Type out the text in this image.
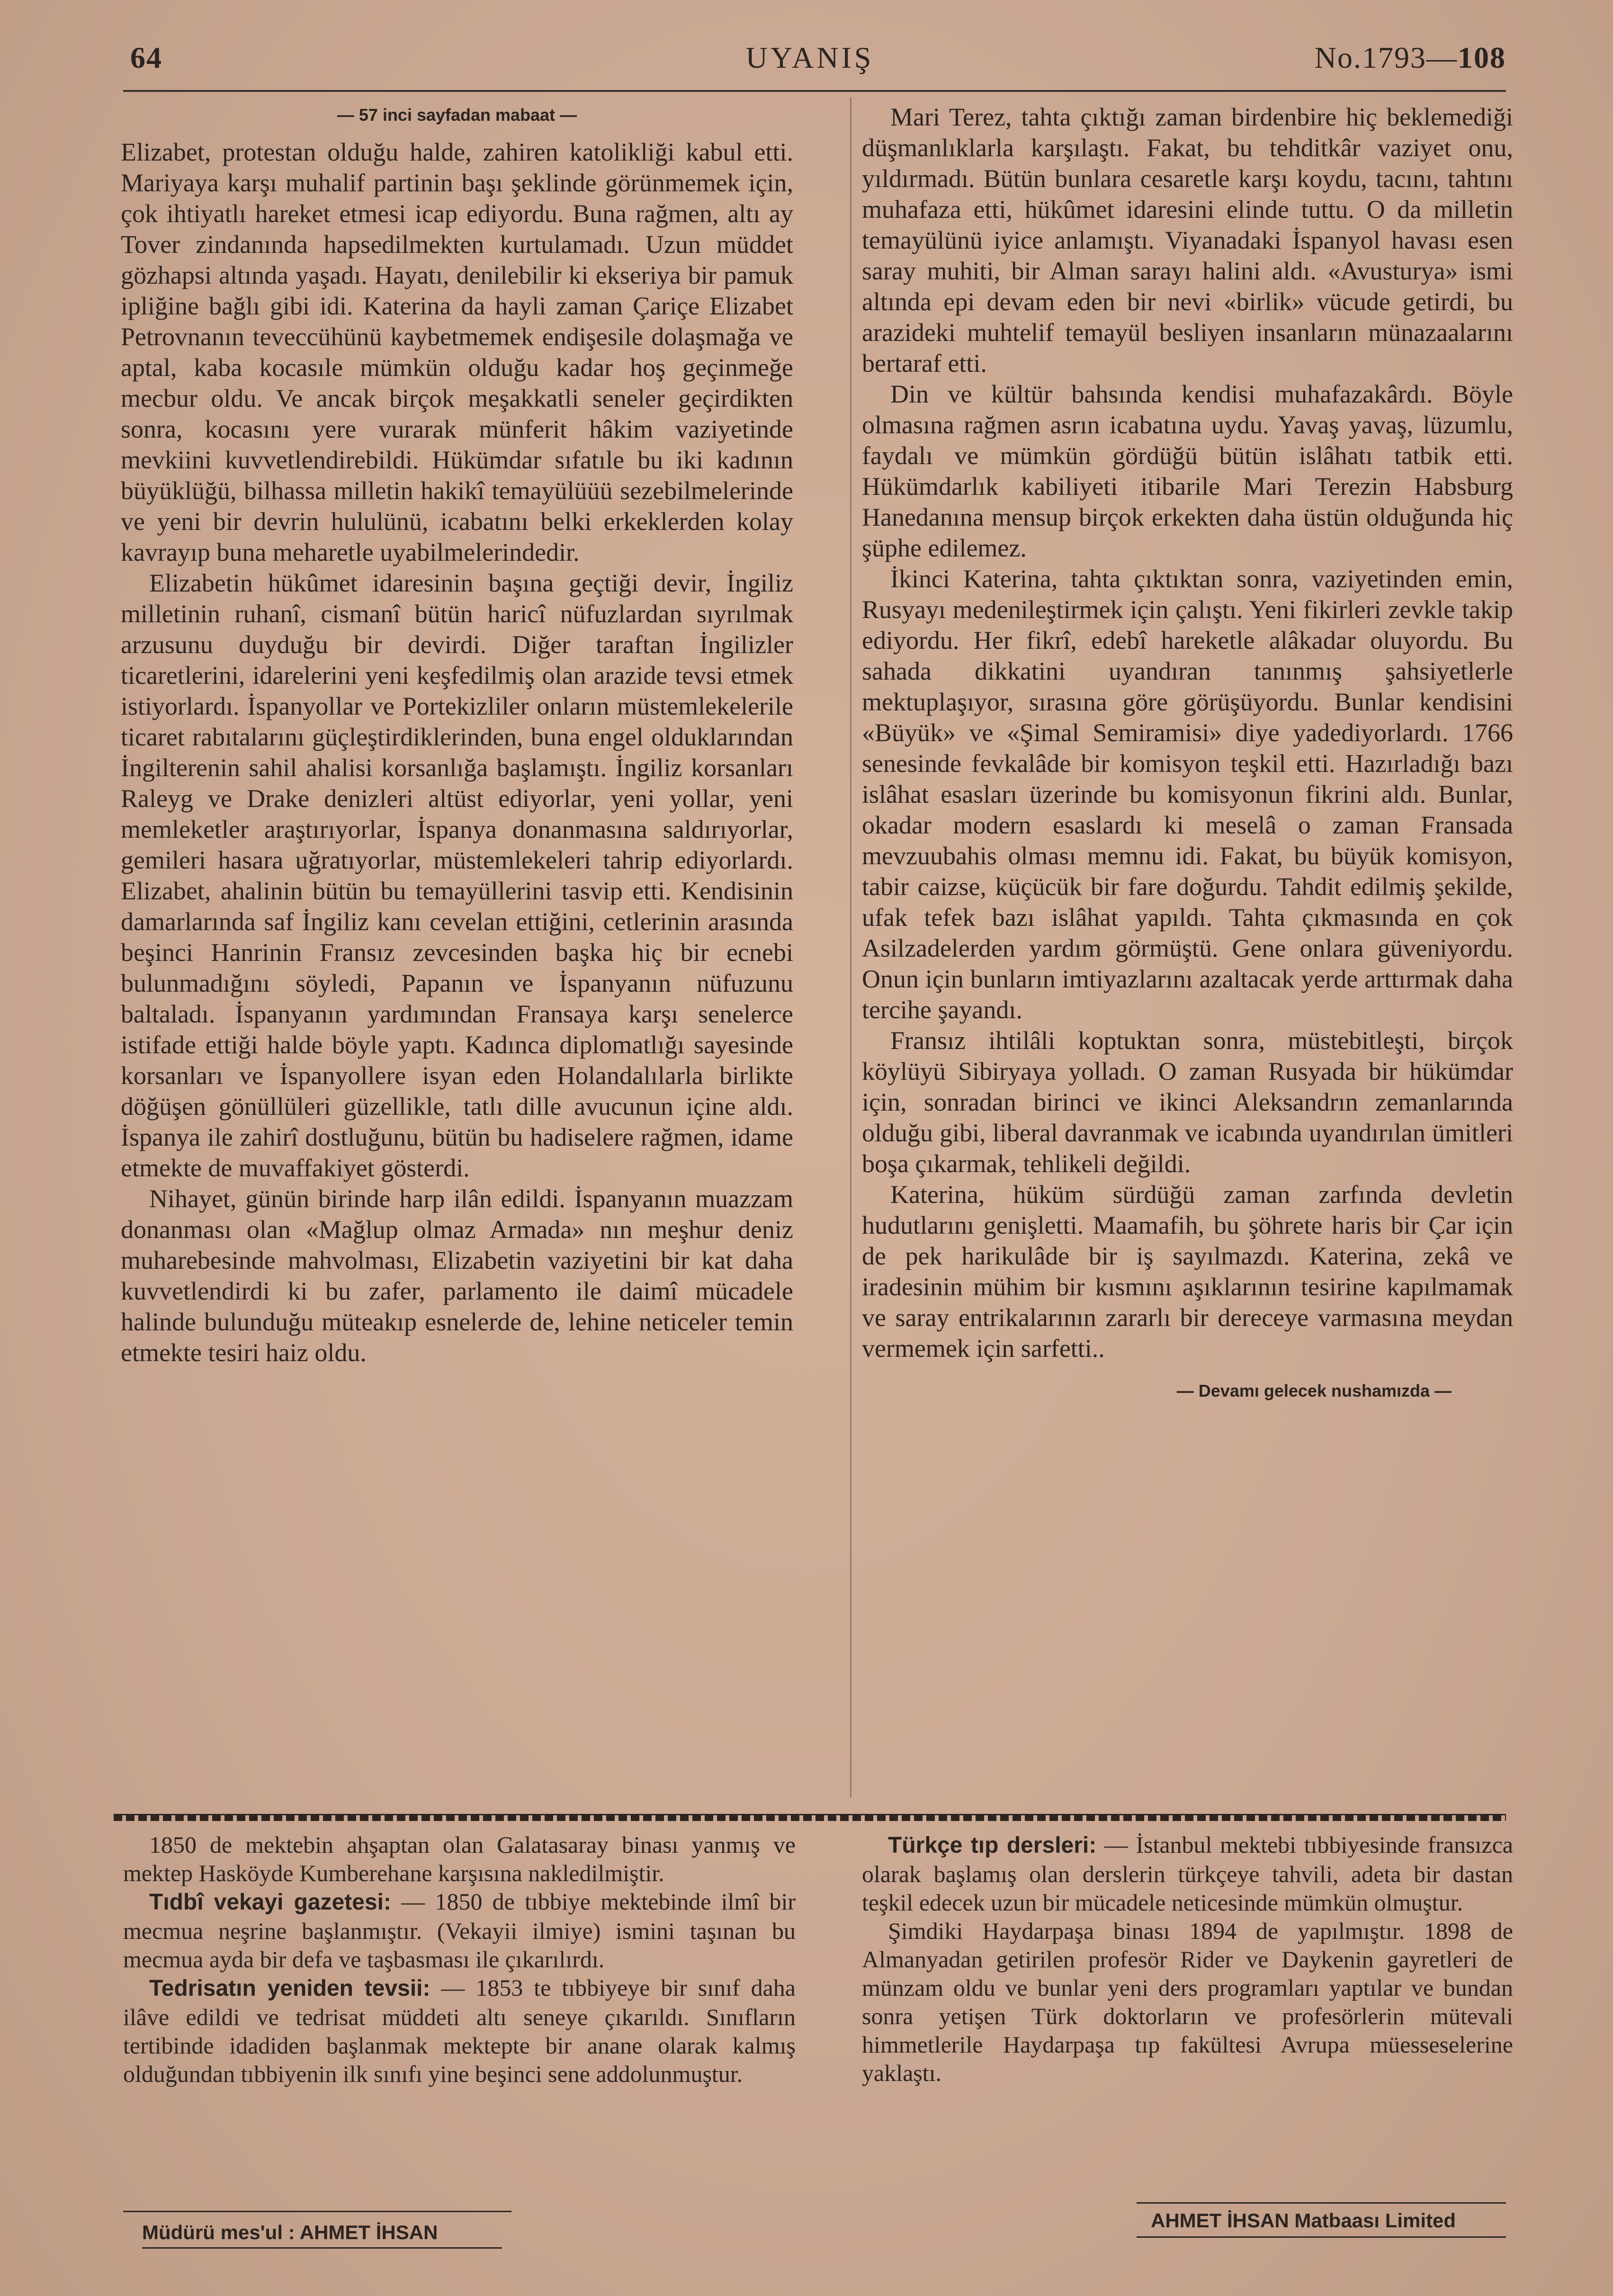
64	UYANIŞ	No.1793—108

— 57 inci sayfadan mabaat —

Elizabet, protestan olduğu halde, zahiren katolikliği kabul etti. Mariyaya karşı muhalif partinin başı şeklinde görünmemek için, çok ihtiyatlı hareket etmesi icap ediyordu. Buna rağmen, altı ay Tover zindanında hapsedilmekten kurtulamadı. Uzun müddet gözhapsi altında yaşadı. Hayatı, denilebilir ki ekseriya bir pamuk ipliğine bağlı gibi idi. Katerina da hayli zaman Çariçe Elizabet Petrovnanın teveccühünü kaybetmemek endişesile dolaşmağa ve aptal, kaba kocasıle mümkün olduğu kadar hoş geçinmeğe mecbur oldu. Ve ancak birçok meşakkatli seneler geçirdikten sonra, kocasını yere vurarak münferit hâkim vaziyetinde mevkiini kuvvetlendirebildi. Hükümdar sıfatıle bu iki kadının büyüklüğü, bilhassa milletin hakikî temayülüüü sezebilmelerinde ve yeni bir devrin hululünü, icabatını belki erkeklerden kolay kavrayıp buna meharetle uyabilmelerindedir.

Elizabetin hükûmet idaresinin başına geçtiği devir, İngiliz milletinin ruhanî, cismanî bütün haricî nüfuzlardan sıyrılmak arzusunu duyduğu bir devirdi. Diğer taraftan İngilizler ticaretlerini, idarelerini yeni keşfedilmiş olan arazide tevsi etmek istiyorlardı. İspanyollar ve Portekizliler onların müstemlekelerile ticaret rabıtalarını güçleştirdiklerinden, buna engel olduklarından İngilterenin sahil ahalisi korsanlığa başlamıştı. İngiliz korsanları Raleyg ve Drake denizleri altüst ediyorlar, yeni yollar, yeni memleketler araştırıyorlar, İspanya donanmasına saldırıyorlar, gemileri hasara uğratıyorlar, müstemlekeleri tahrip ediyorlardı. Elizabet, ahalinin bütün bu temayüllerini tasvip etti. Kendisinin damarlarında saf İngiliz kanı cevelan ettiğini, cetlerinin arasında beşinci Hanrinin Fransız zevcesinden başka hiç bir ecnebi bulunmadığını söyledi, Papanın ve İspanyanın nüfuzunu baltaladı. İspanyanın yardımından Fransaya karşı senelerce istifade ettiği halde böyle yaptı. Kadınca diplomatlığı sayesinde korsanları ve İspanyollere isyan eden Holandalılarla birlikte döğüşen gönüllüleri güzellikle, tatlı dille avucunun içine aldı. İspanya ile zahirî dostluğunu, bütün bu hadiselere rağmen, idame etmekte de muvaffakiyet gösterdi.

Nihayet, günün birinde harp ilân edildi. İspanyanın muazzam donanması olan «Mağlup olmaz Armada» nın meşhur deniz muharebesinde mahvolması, Elizabetin vaziyetini bir kat daha kuvvetlendirdi ki bu zafer, parlamento ile daimî mücadele halinde bulunduğu müteakıp esnelerde de, lehine neticeler temin etmekte tesiri haiz oldu.

Mari Terez, tahta çıktığı zaman birdenbire hiç beklemediği düşmanlıklarla karşılaştı. Fakat, bu tehditkâr vaziyet onu, yıldırmadı. Bütün bunlara cesaretle karşı koydu, tacını, tahtını muhafaza etti, hükûmet idaresini elinde tuttu. O da milletin temayülünü iyice anlamıştı. Viyanadaki İspanyol havası esen saray muhiti, bir Alman sarayı halini aldı. «Avusturya» ismi altında epi devam eden bir nevi «birlik» vücude getirdi, bu arazideki muhtelif temayül besliyen insanların münazaalarını bertaraf etti.

Din ve kültür bahsında kendisi muhafazakârdı. Böyle olmasına rağmen asrın icabatına uydu. Yavaş yavaş, lüzumlu, faydalı ve mümkün gördüğü bütün islâhatı tatbik etti. Hükümdarlık kabiliyeti itibarile Mari Terezin Habsburg Hanedanına mensup birçok erkekten daha üstün olduğunda hiç şüphe edilemez.

İkinci Katerina, tahta çıktıktan sonra, vaziyetinden emin, Rusyayı medenileştirmek için çalıştı. Yeni fikirleri zevkle takip ediyordu. Her fikrî, edebî hareketle alâkadar oluyordu. Bu sahada dikkatini uyandıran tanınmış şahsiyetlerle mektuplaşıyor, sırasına göre görüşüyordu. Bunlar kendisini «Büyük» ve «Şimal Semiramisi» diye yadediyorlardı. 1766 senesinde fevkalâde bir komisyon teşkil etti. Hazırladığı bazı islâhat esasları üzerinde bu komisyonun fikrini aldı. Bunlar, okadar modern esaslardı ki meselâ o zaman Fransada mevzuubahis olması memnu idi. Fakat, bu büyük komisyon, tabir caizse, küçücük bir fare doğurdu. Tahdit edilmiş şekilde, ufak tefek bazı islâhat yapıldı. Tahta çıkmasında en çok Asilzadelerden yardım görmüştü. Gene onlara güveniyordu. Onun için bunların imtiyazlarını azaltacak yerde arttırmak daha tercihe şayandı.

Fransız ihtilâli koptuktan sonra, müstebitleşti, birçok köylüyü Sibiryaya yolladı. O zaman Rusyada bir hükümdar için, sonradan birinci ve ikinci Aleksandrın zemanlarında olduğu gibi, liberal davranmak ve icabında uyandırılan ümitleri boşa çıkarmak, tehlikeli değildi.

Katerina, hüküm sürdüğü zaman zarfında devletin hudutlarını genişletti. Maamafih, bu şöhrete haris bir Çar için de pek harikulâde bir iş sayılmazdı. Katerina, zekâ ve iradesinin mühim bir kısmını aşıklarının tesirine kapılmamak ve saray entrikalarının zararlı bir dereceye varmasına meydan vermemek için sarfetti..

— Devamı gelecek nushamızda —

1850 de mektebin ahşaptan olan Galatasaray binası yanmış ve mektep Hasköyde Kumberehane karşısına nakledilmiştir.

Tıdbî vekayi gazetesi: — 1850 de tıbbiye mektebinde ilmî bir mecmua neşrine başlanmıştır. (Vekayii ilmiye) ismini taşınan bu mecmua ayda bir defa ve taşbasması ile çıkarılırdı.

Tedrisatın yeniden tevsii: — 1853 te tıbbiyeye bir sınıf daha ilâve edildi ve tedrisat müddeti altı seneye çıkarıldı. Sınıfların tertibinde idadiden başlanmak mektepte bir anane olarak kalmış olduğundan tıbbiyenin ilk sınıfı yine beşinci sene addolunmuştur.

Türkçe tıp dersleri: — İstanbul mektebi tıbbiyesinde fransızca olarak başlamış olan derslerin türkçeye tahvili, adeta bir dastan teşkil edecek uzun bir mücadele neticesinde mümkün olmuştur.

Şimdiki Haydarpaşa binası 1894 de yapılmıştır. 1898 de Almanyadan getirilen profesör Rider ve Daykenin gayretleri de münzam oldu ve bunlar yeni ders programları yaptılar ve bundan sonra yetişen Türk doktorların ve profesörlerin mütevali himmetlerile Haydarpaşa tıp fakültesi Avrupa müesseselerine yaklaştı.

Müdürü mes'ul : AHMET İHSAN
AHMET İHSAN Matbaası Limited
